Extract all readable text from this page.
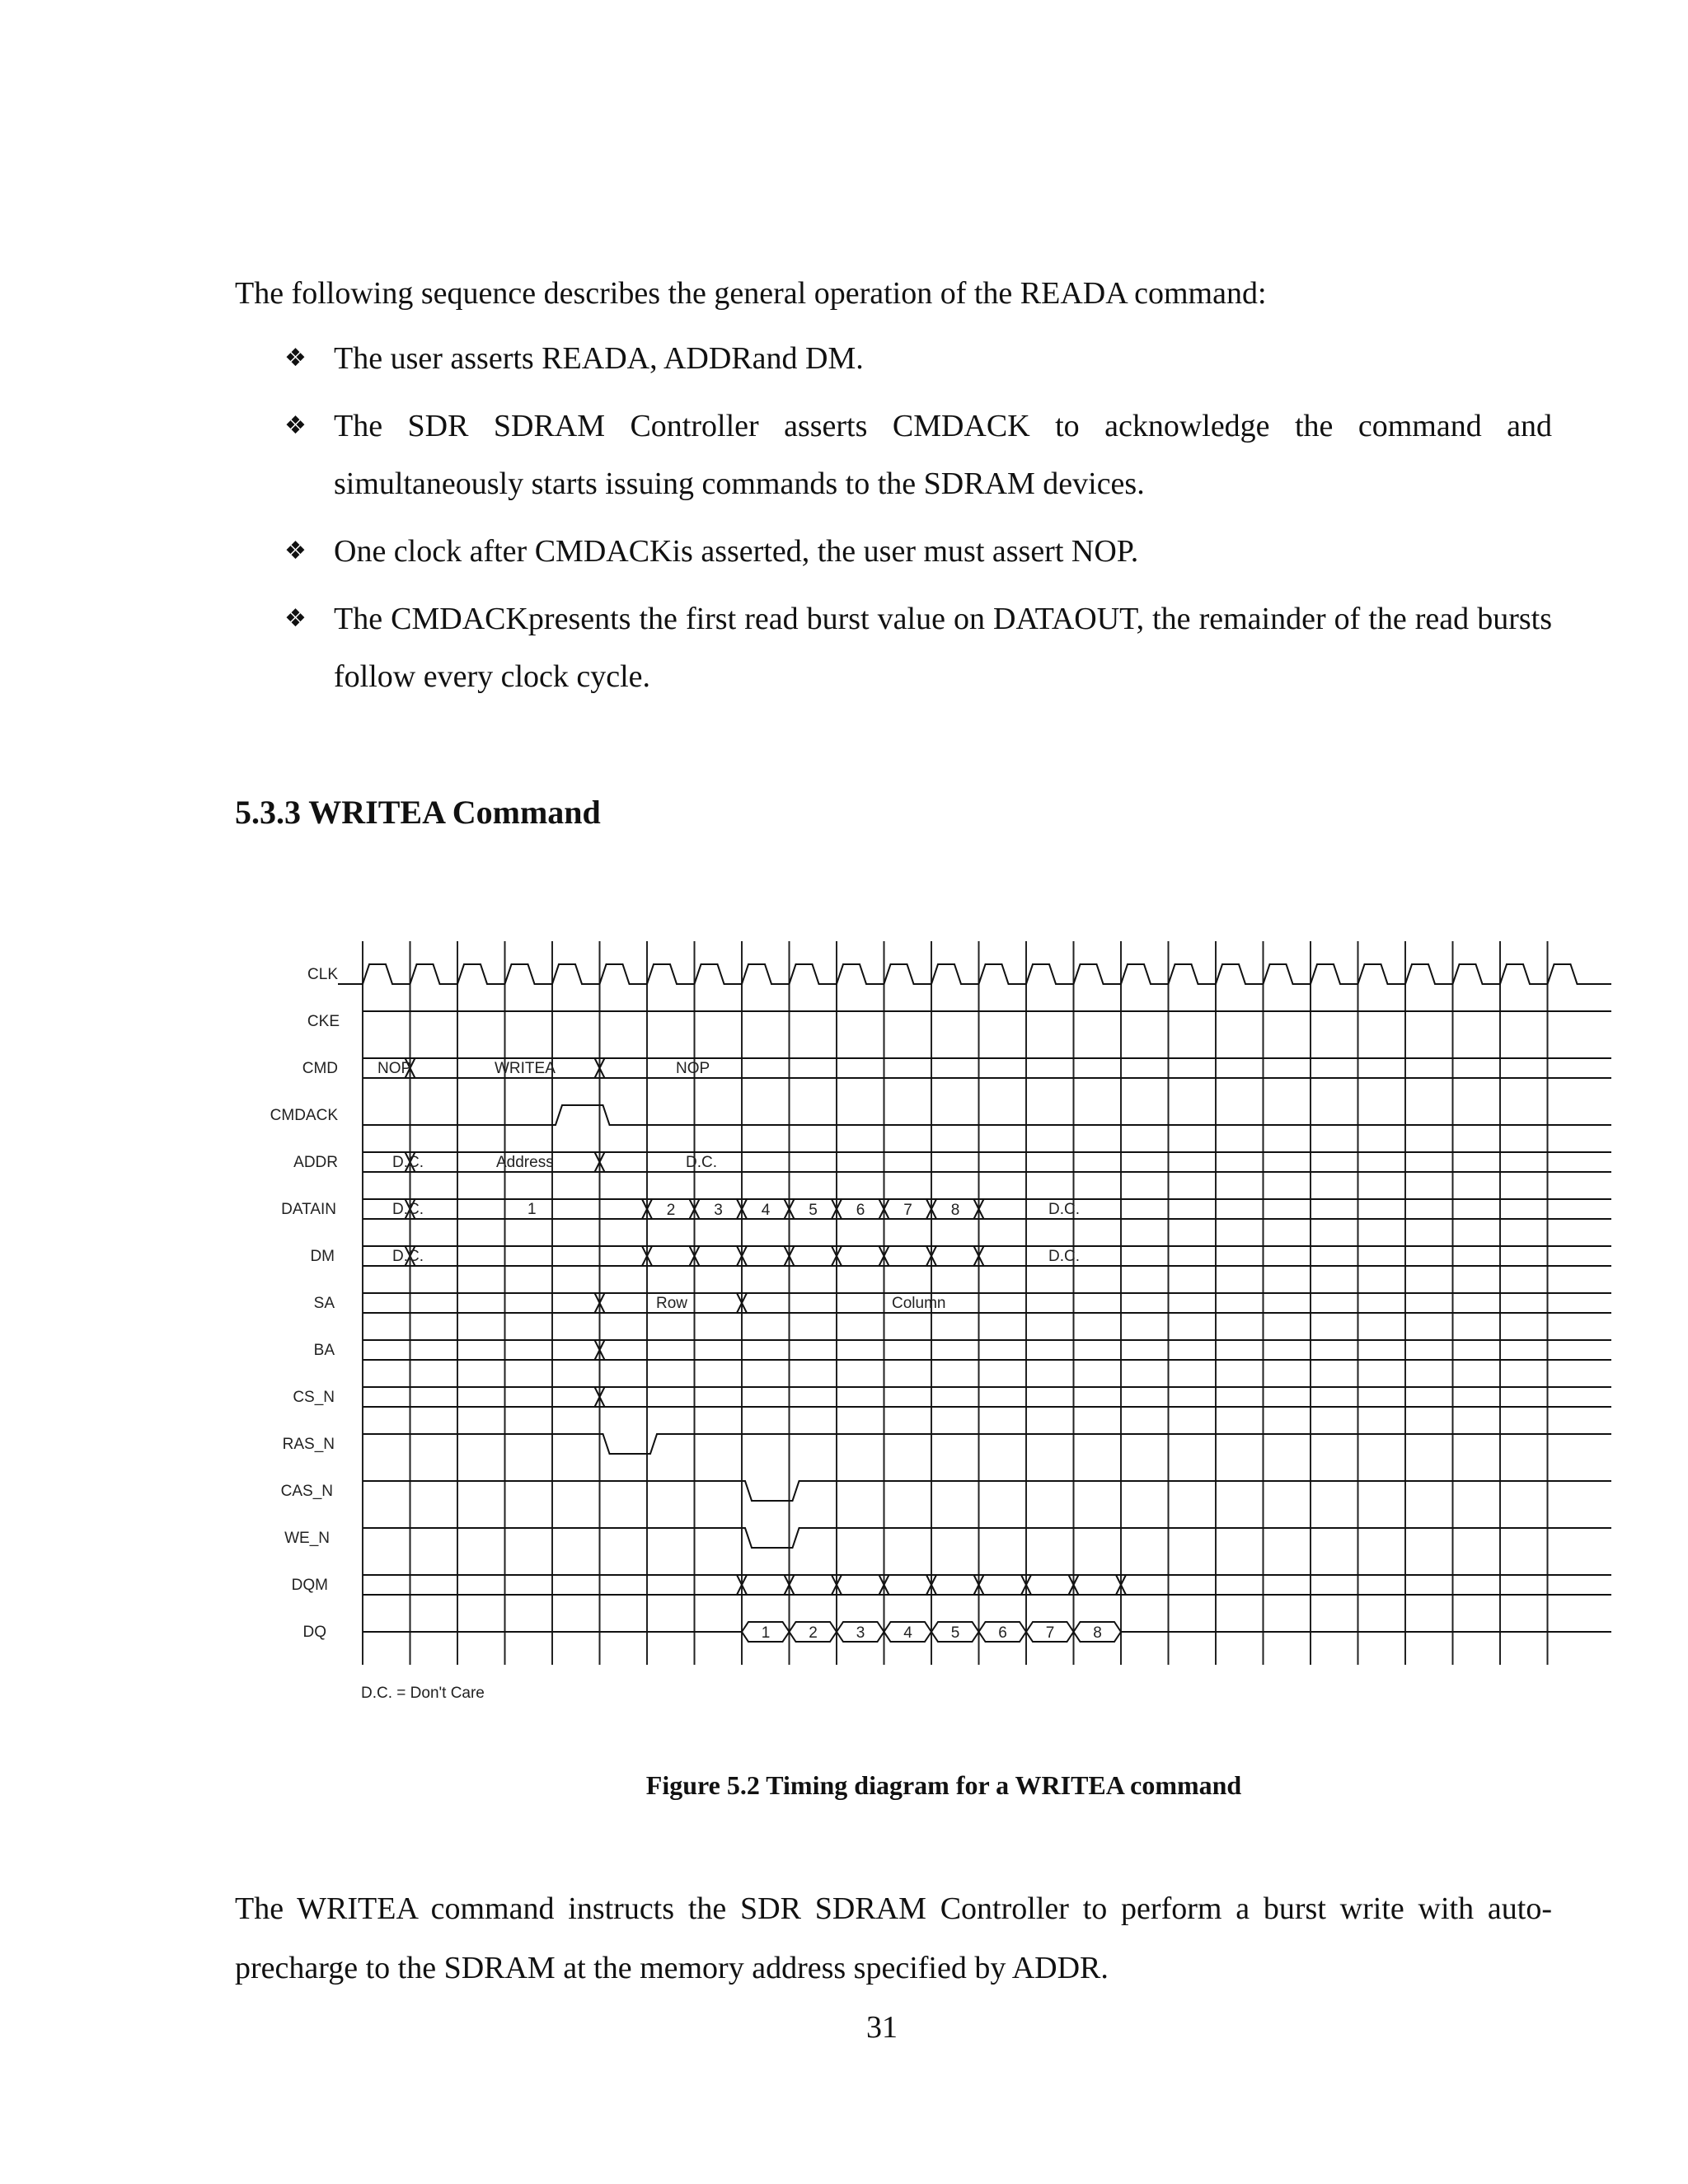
The following sequence describes the general operation of the READA command:

❖ The user asserts READA, ADDRand DM.
❖ The SDR SDRAM Controller asserts CMDACK to acknowledge the command and simultaneously starts issuing commands to the SDRAM devices.
❖ One clock after CMDACKis asserted, the user must assert NOP.
❖ The CMDACKpresents the first read burst value on DATAOUT, the remainder of the read bursts follow every clock cycle.
5.3.3 WRITEA Command
CLK
CKE
CMD
CMDACK
ADDR
DATAIN
DM
SA
BA
CS_N
RAS_N
CAS_N
WE_N
DQM
DQ
NOP	WRITEA	NOP
D.C.	Address	D.C.
D.C.	1	D.C.
D.C.	D.C.
Row	Column
2 3 4 5 6 7 8
1 2 3 4 5 6 7 8
D.C. = Don't Care

Figure 5.2 Timing diagram for a WRITEA command

The WRITEA command instructs the SDR SDRAM Controller to perform a burst write with auto-precharge to the SDRAM at the memory address specified by ADDR.

31
